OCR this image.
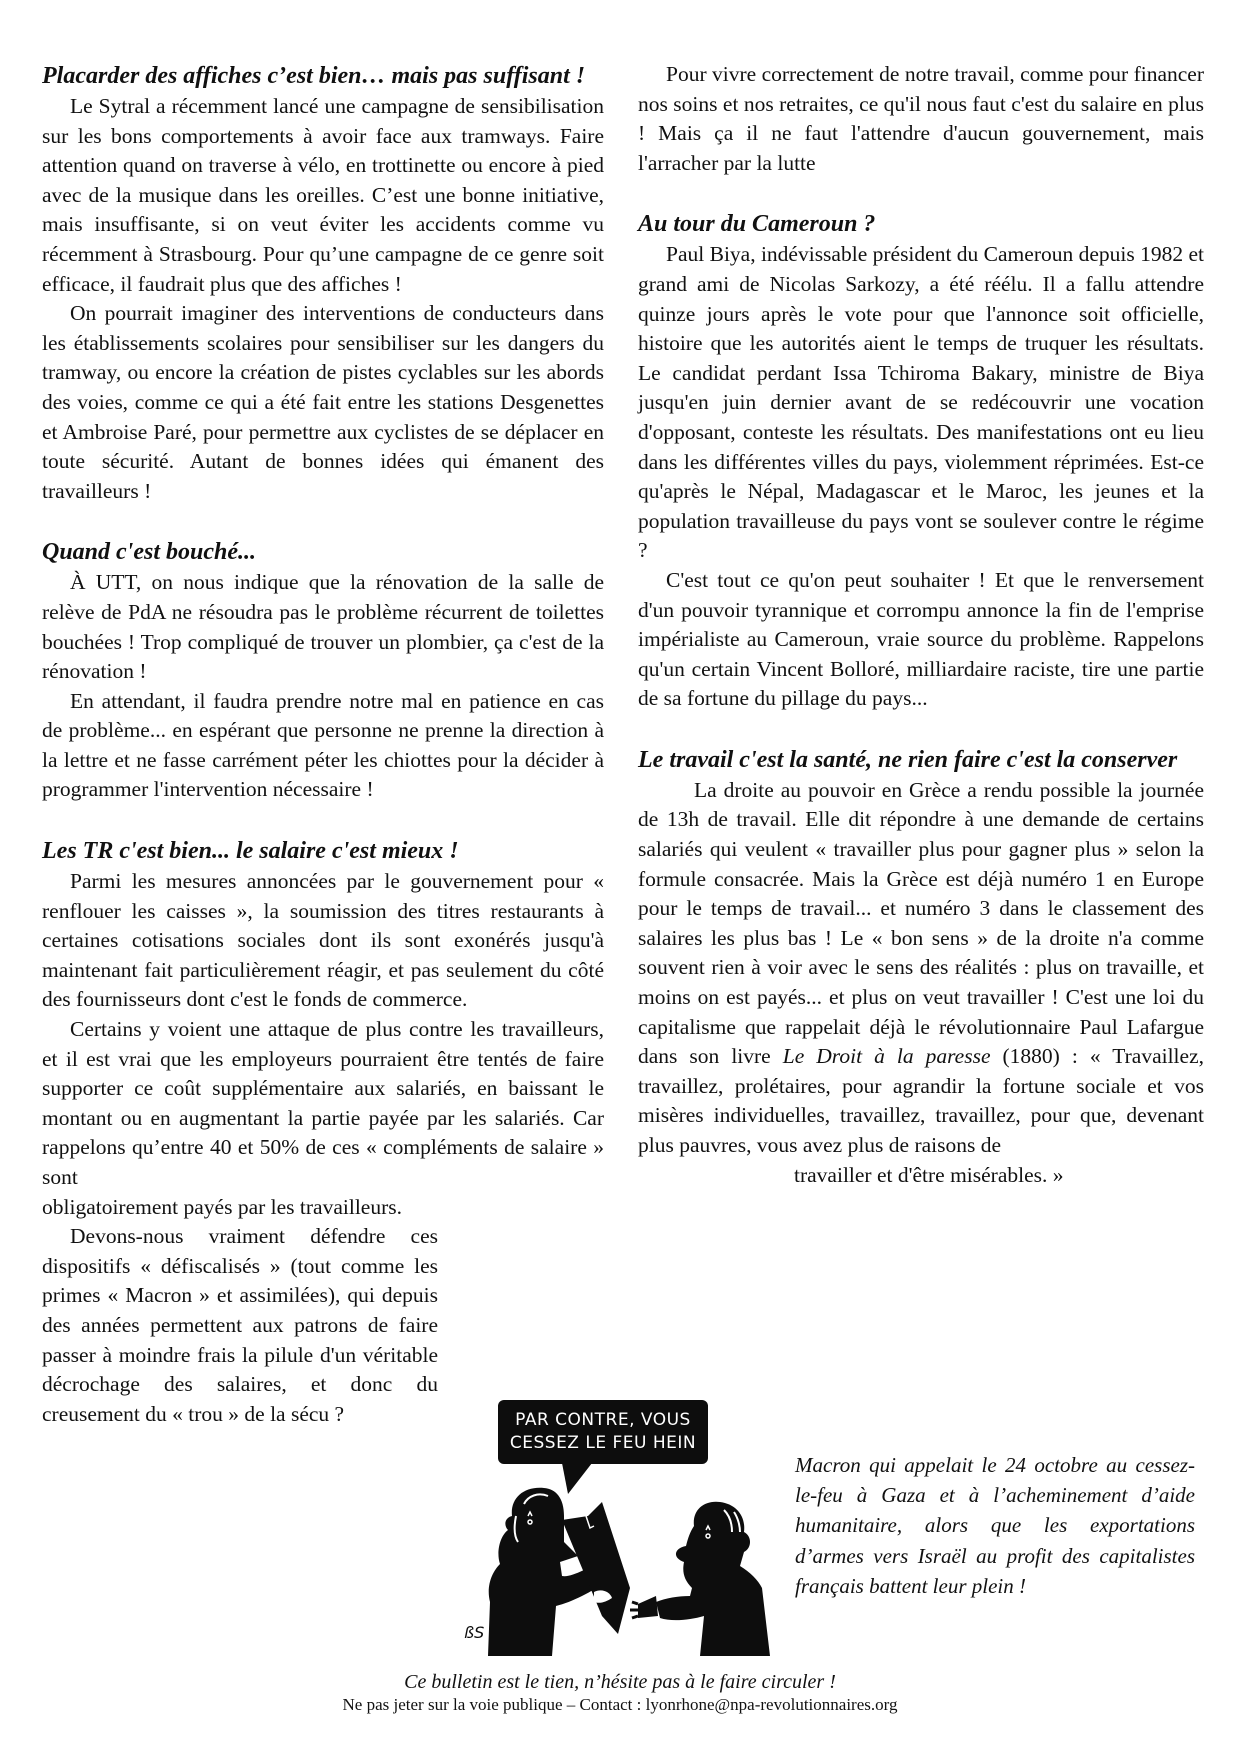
Placarder des affiches c’est bien… mais pas suffisant !

Le Sytral a récemment lancé une campagne de sensibilisation sur les bons comportements à avoir face aux tramways. Faire attention quand on traverse à vélo, en trottinette ou encore à pied avec de la musique dans les oreilles. C’est une bonne initiative, mais insuffisante, si on veut éviter les accidents comme vu récemment à Strasbourg. Pour qu’une campagne de ce genre soit efficace, il faudrait plus que des affiches !

On pourrait imaginer des interventions de conducteurs dans les établissements scolaires pour sensibiliser sur les dangers du tramway, ou encore la création de pistes cyclables sur les abords des voies, comme ce qui a été fait entre les stations Desgenettes et Ambroise Paré, pour permettre aux cyclistes de se déplacer en toute sécurité. Autant de bonnes idées qui émanent des travailleurs !

Quand c'est bouché...

À UTT, on nous indique que la rénovation de la salle de relève de PdA ne résoudra pas le problème récurrent de toilettes bouchées ! Trop compliqué de trouver un plombier, ça c'est de la rénovation !

En attendant, il faudra prendre notre mal en patience en cas de problème... en espérant que personne ne prenne la direction à la lettre et ne fasse carrément péter les chiottes pour la décider à programmer l'intervention nécessaire !

Les TR c'est bien... le salaire c'est mieux !

Parmi les mesures annoncées par le gouvernement pour « renflouer les caisses », la soumission des titres restaurants à certaines cotisations sociales dont ils sont exonérés jusqu'à maintenant fait particulièrement réagir, et pas seulement du côté des fournisseurs dont c'est le fonds de commerce.

Certains y voient une attaque de plus contre les travailleurs, et il est vrai que les employeurs pourraient être tentés de faire supporter ce coût supplémentaire aux salariés, en baissant le montant ou en augmentant la partie payée par les salariés. Car rappelons qu’entre 40 et 50% de ces « compléments de salaire » sont

obligatoirement payés par les travailleurs.

Devons-nous vraiment défendre ces dispositifs « défiscalisés » (tout comme les primes « Macron » et assimilées), qui depuis des années permettent aux patrons de faire passer à moindre frais la pilule d'un véritable décrochage des salaires, et donc du creusement du « trou » de la sécu ?

Pour vivre correctement de notre travail, comme pour financer nos soins et nos retraites, ce qu'il nous faut c'est du salaire en plus ! Mais ça il ne faut l'attendre d'aucun gouvernement, mais l'arracher par la lutte

Au tour du Cameroun ?

Paul Biya, indévissable président du Cameroun depuis 1982 et grand ami de Nicolas Sarkozy, a été réélu. Il a fallu attendre quinze jours après le vote pour que l'annonce soit officielle, histoire que les autorités aient le temps de truquer les résultats. Le candidat perdant Issa Tchiroma Bakary, ministre de Biya jusqu'en juin dernier avant de se redécouvrir une vocation d'opposant, conteste les résultats. Des manifestations ont eu lieu dans les différentes villes du pays, violemment réprimées. Est-ce qu'après le Népal, Madagascar et le Maroc, les jeunes et la population travailleuse du pays vont se soulever contre le régime ?

C'est tout ce qu'on peut souhaiter ! Et que le renversement d'un pouvoir tyrannique et corrompu annonce la fin de l'emprise impérialiste au Cameroun, vraie source du problème. Rappelons qu'un certain Vincent Bolloré, milliardaire raciste, tire une partie de sa fortune du pillage du pays...

Le travail c'est la santé, ne rien faire c'est la conserver

La droite au pouvoir en Grèce a rendu possible la journée de 13h de travail. Elle dit répondre à une demande de certains salariés qui veulent « travailler plus pour gagner plus » selon la formule consacrée. Mais la Grèce est déjà numéro 1 en Europe pour le temps de travail... et numéro 3 dans le classement des salaires les plus bas ! Le « bon sens » de la droite n'a comme souvent rien à voir avec le sens des réalités : plus on travaille, et moins on est payés... et plus on veut travailler ! C'est une loi du capitalisme que rappelait déjà le révolutionnaire Paul Lafargue dans son livre Le Droit à la paresse (1880) : « Travaillez, travaillez, prolétaires, pour agrandir la fortune sociale et vos misères individuelles, travaillez, travaillez, pour que, devenant plus pauvres, vous avez plus de raisons de

travailler et d'être misérables. »

PAR CONTRE, VOUS
CESSEZ LE FEU HEIN
ßS
Macron qui appelait le 24 octobre au cessez-le-feu à Gaza et à l’acheminement d’aide humanitaire, alors que les exportations d’armes vers Israël au profit des capitalistes français battent leur plein !
Ce bulletin est le tien, n’hésite pas à le faire circuler !
Ne pas jeter sur la voie publique – Contact : lyonrhone@npa-revolutionnaires.org
